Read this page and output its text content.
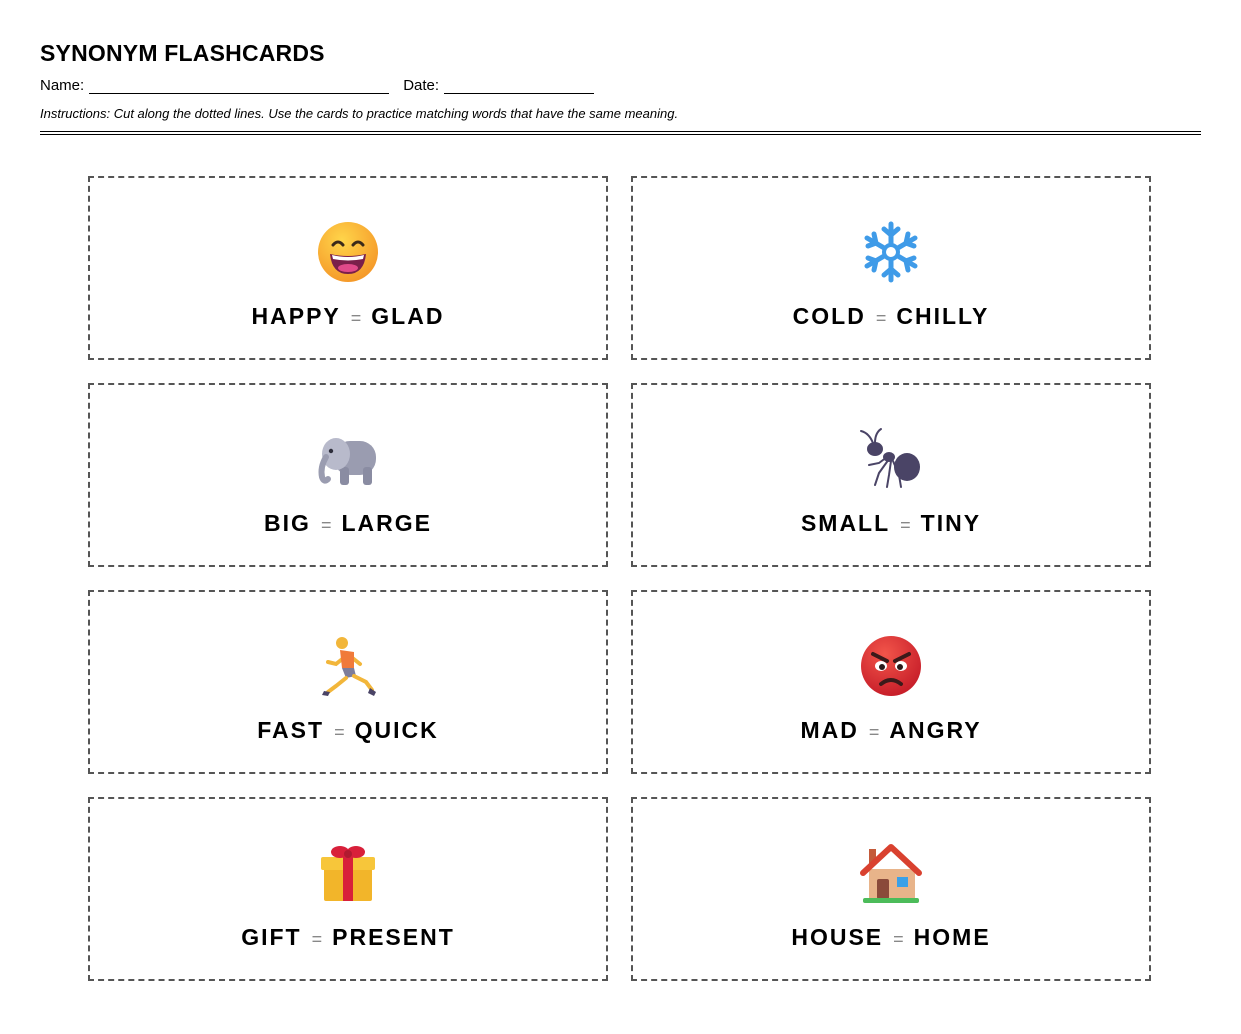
SYNONYM FLASHCARDS
Name:	Date:
Instructions: Cut along the dotted lines. Use the cards to practice matching words that have the same meaning.
HAPPY = GLAD	COLD = CHILLY
BIG = LARGE	SMALL = TINY
FAST = QUICK	MAD = ANGRY
GIFT = PRESENT	HOUSE = HOME
